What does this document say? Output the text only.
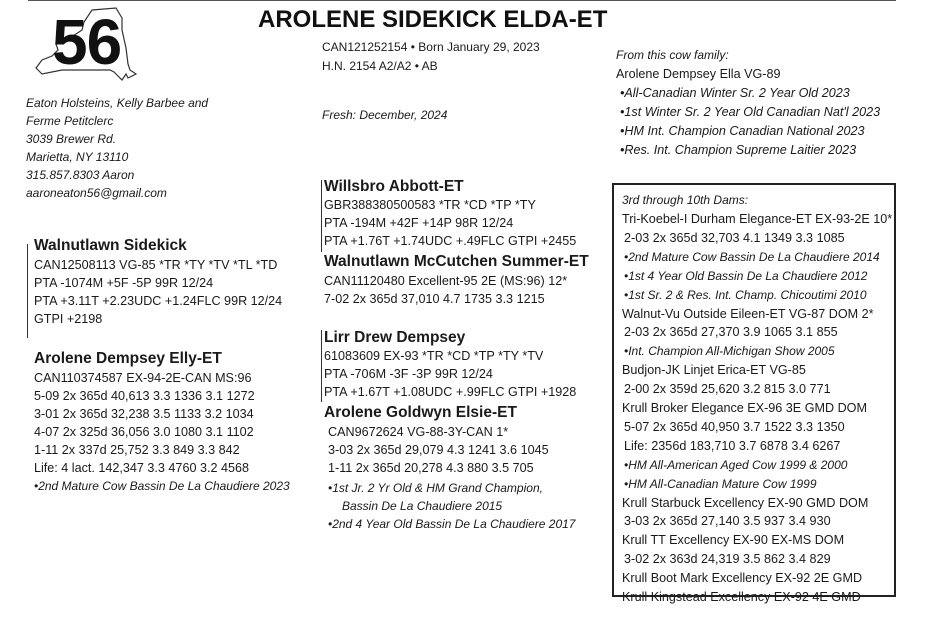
56	AROLENE SIDEKICK ELDA-ET
Eaton Holsteins, Kelly Barbee and
Ferme Petitclerc
3039 Brewer Rd.
Marietta, NY 13110
315.857.8303 Aaron
aaroneaton56@gmail.com
CAN121252154 • Born January 29, 2023
H.N. 2154 A2/A2 • AB
Fresh: December, 2024
From this cow family:
Arolene Dempsey Ella VG-89
•All-Canadian Winter Sr. 2 Year Old 2023
•1st Winter Sr. 2 Year Old Canadian Nat'l 2023
•HM Int. Champion Canadian National 2023
•Res. Int. Champion Supreme Laitier 2023
Walnutlawn Sidekick
CAN12508113 VG-85 *TR *TY *TV *TL *TD
PTA -1074M +5F -5P 99R 12/24
PTA +3.11T +2.23UDC +1.24FLC 99R 12/24
GTPI +2198
Arolene Dempsey Elly-ET
CAN110374587 EX-94-2E-CAN MS:96
5-09 2x 365d 40,613 3.3 1336 3.1 1272
3-01 2x 365d 32,238 3.5 1133 3.2 1034
4-07 2x 325d 36,056 3.0 1080 3.1 1102
1-11 2x 337d 25,752 3.3 849 3.3 842
Life: 4 lact. 142,347 3.3 4760 3.2 4568
•2nd Mature Cow Bassin De La Chaudiere 2023
Willsbro Abbott-ET
GBR388380500583 *TR *CD *TP *TY
PTA -194M +42F +14P 98R 12/24
PTA +1.76T +1.74UDC +.49FLC GTPI +2455
Walnutlawn McCutchen Summer-ET
CAN11120480 Excellent-95 2E (MS:96) 12*
7-02 2x 365d 37,010 4.7 1735 3.3 1215
Lirr Drew Dempsey
61083609 EX-93 *TR *CD *TP *TY *TV
PTA -706M -3F -3P 99R 12/24
PTA +1.67T +1.08UDC +.99FLC GTPI +1928
Arolene Goldwyn Elsie-ET
CAN9672624 VG-88-3Y-CAN 1*
3-03 2x 365d 29,079 4.3 1241 3.6 1045
1-11 2x 365d 20,278 4.3 880 3.5 705
•1st Jr. 2 Yr Old & HM Grand Champion,
Bassin De La Chaudiere 2015
•2nd 4 Year Old Bassin De La Chaudiere 2017
3rd through 10th Dams:
Tri-Koebel-I Durham Elegance-ET EX-93-2E 10*
2-03 2x 365d 32,703 4.1 1349 3.3 1085
•2nd Mature Cow Bassin De La Chaudiere 2014
•1st 4 Year Old Bassin De La Chaudiere 2012
•1st Sr. 2 & Res. Int. Champ. Chicoutimi 2010
Walnut-Vu Outside Eileen-ET VG-87 DOM 2*
2-03 2x 365d 27,370 3.9 1065 3.1 855
•Int. Champion All-Michigan Show 2005
Budjon-JK Linjet Erica-ET VG-85
2-00 2x 359d 25,620 3.2 815 3.0 771
Krull Broker Elegance EX-96 3E GMD DOM
5-07 2x 365d 40,950 3.7 1522 3.3 1350
Life: 2356d 183,710 3.7 6878 3.4 6267
•HM All-American Aged Cow 1999 & 2000
•HM All-Canadian Mature Cow 1999
Krull Starbuck Excellency EX-90 GMD DOM
3-03 2x 365d 27,140 3.5 937 3.4 930
Krull TT Excellency EX-90 EX-MS DOM
3-02 2x 363d 24,319 3.5 862 3.4 829
Krull Boot Mark Excellency EX-92 2E GMD
Krull Kingstead Excellency EX-92 4E GMD
